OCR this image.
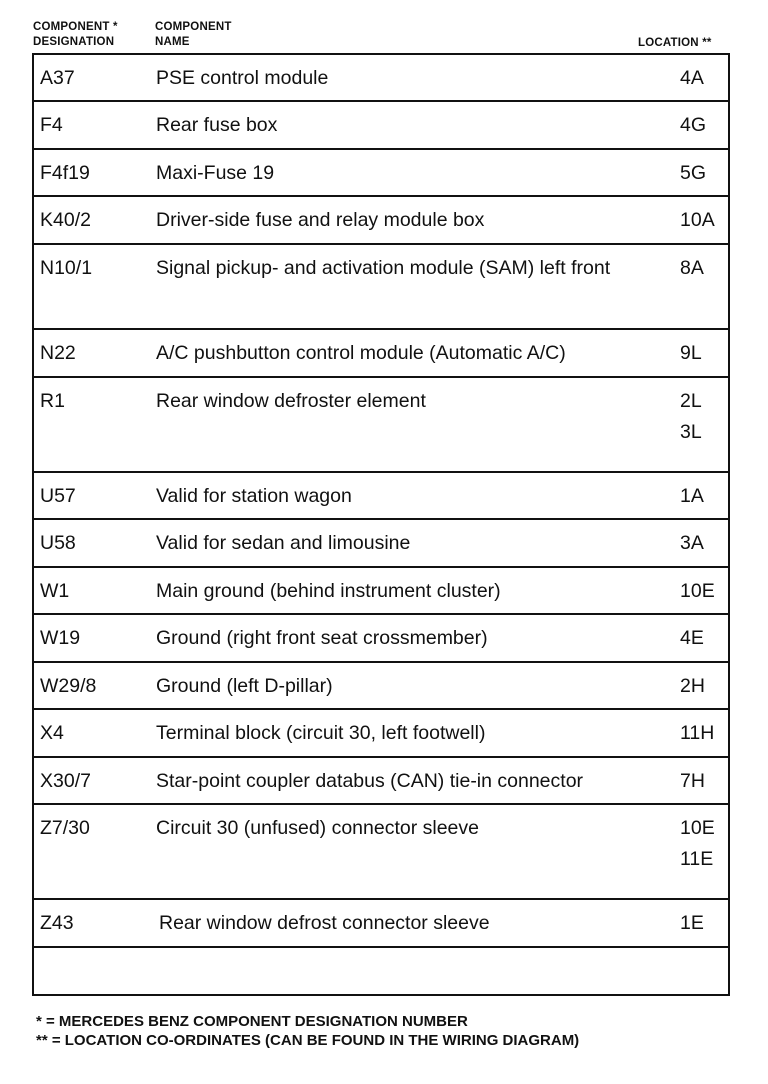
COMPONENT *
DESIGNATION
COMPONENT
NAME	LOCATION **
A37	PSE control module	4A
F4	Rear fuse box	4G
F4f19	Maxi-Fuse 19	5G
K40/2	Driver-side fuse and relay module box	10A
N10/1	Signal pickup- and activation module (SAM) left front	8A
N22	A/C pushbutton control module (Automatic A/C)	9L
R1	Rear window defroster element	2L
3L
U57	Valid for station wagon	1A
U58	Valid for sedan and limousine	3A
W1	Main ground (behind instrument cluster)	10E
W19	Ground (right front seat crossmember)	4E
W29/8	Ground (left D-pillar)	2H
X4	Terminal block (circuit 30, left footwell)	11H
X30/7	Star-point coupler databus (CAN) tie-in connector	7H
Z7/30	Circuit 30 (unfused) connector sleeve	10E
11E
Z43	Rear window defrost connector sleeve	1E
* = MERCEDES BENZ COMPONENT DESIGNATION NUMBER
** = LOCATION CO-ORDINATES (CAN BE FOUND IN THE WIRING DIAGRAM)
